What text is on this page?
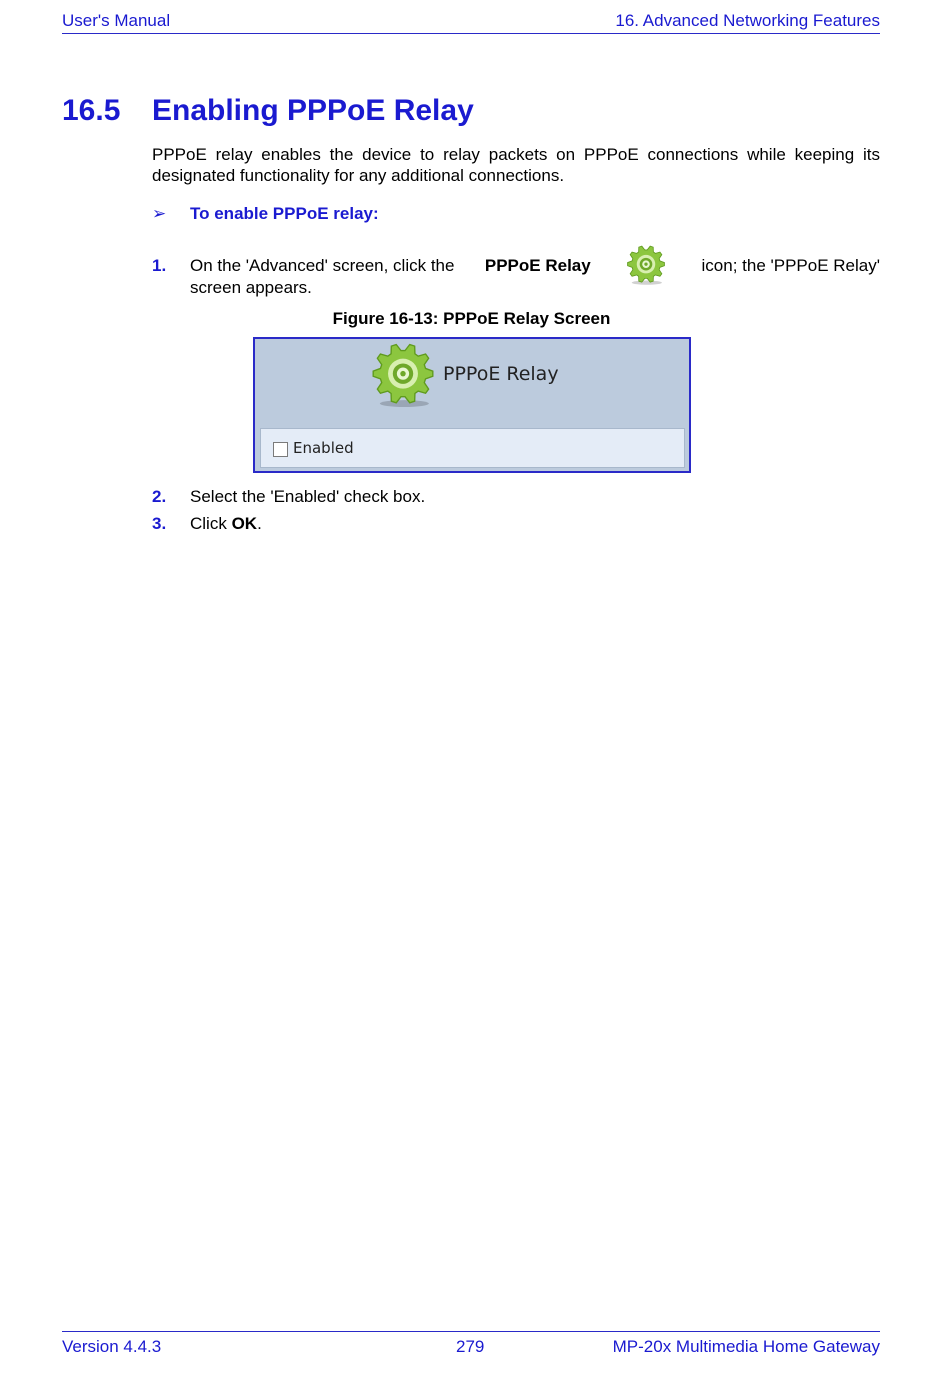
User's Manual	16. Advanced Networking Features
16.5 Enabling PPPoE Relay

PPPoE relay enables the device to relay packets on PPPoE connections while keeping its designated functionality for any additional connections.

➢ To enable PPPoE relay:
1. On the 'Advanced' screen, click the PPPoE Relay	icon; the 'PPPoE Relay'
screen appears.
Figure 16-13: PPPoE Relay Screen
PPPoE Relay
Enabled
2. Select the 'Enabled' check box.
3. Click OK.
Version 4.4.3	279	MP-20x Multimedia Home Gateway
